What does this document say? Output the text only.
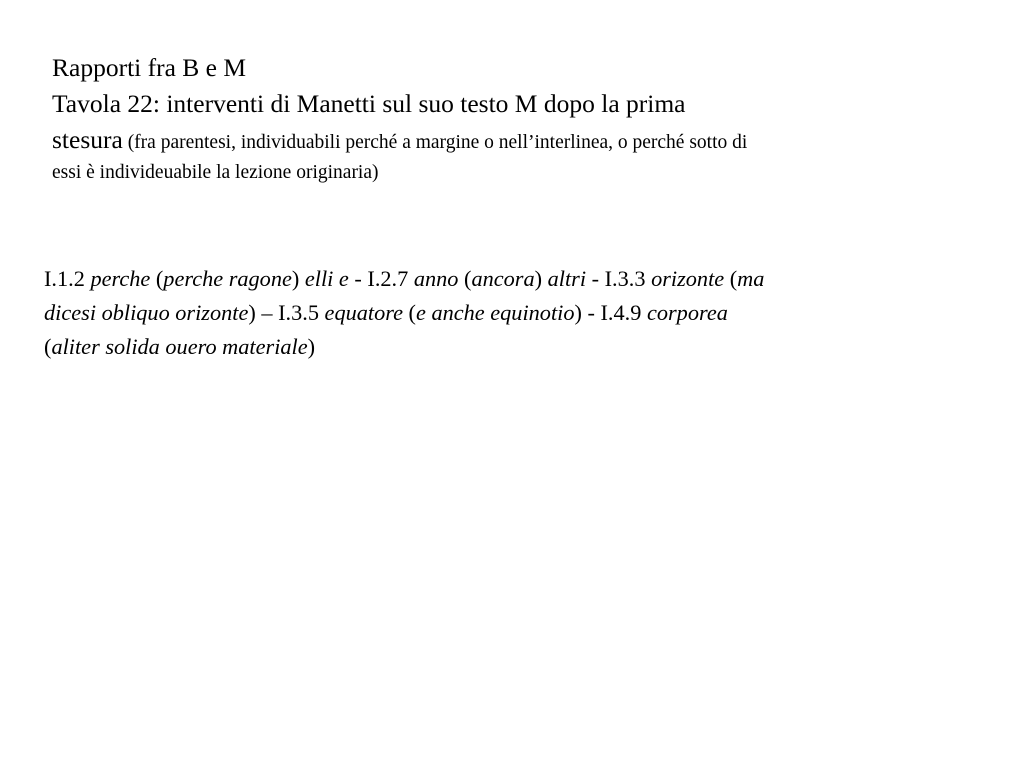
Rapporti fra B e M
Tavola 22: interventi di Manetti sul suo testo M dopo la prima
stesura (fra parentesi, individuabili perché a margine o nell’interlinea, o perché sotto di
essi è individeuabile la lezione originaria)
I.1.2 perche (perche ragone) elli e - I.2.7 anno (ancora) altri - I.3.3 orizonte (ma
dicesi obliquo orizonte) – I.3.5 equatore (e anche equinotio) - I.4.9 corporea
(aliter solida ouero materiale)
